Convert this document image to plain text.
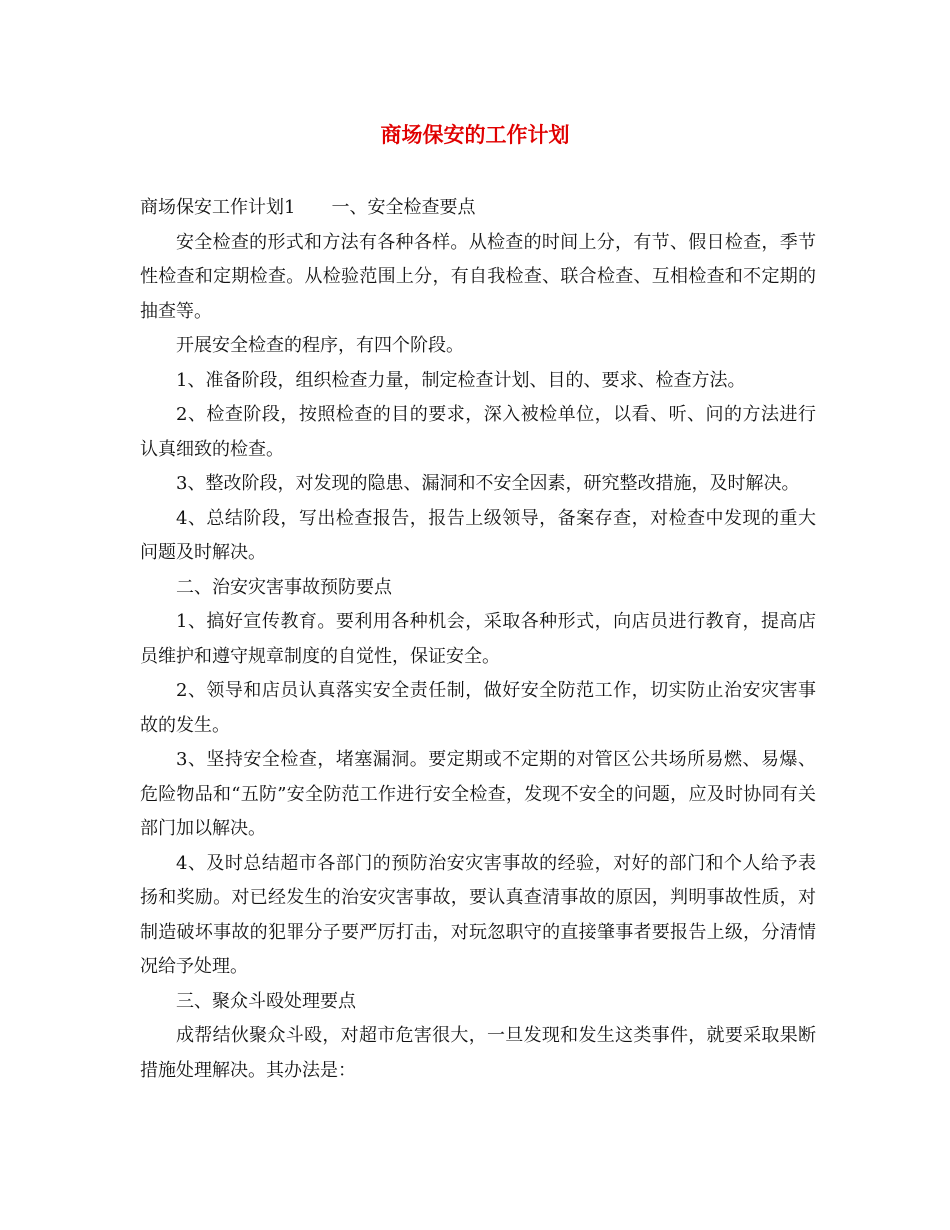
商场保安的工作计划

商场保安工作计划1 一、安全检查要点

安全检查的形式和方法有各种各样。从检查的时间上分，有节、假日检查，季节性检查和定期检查。从检验范围上分，有自我检查、联合检查、互相检查和不定期的抽查等。

开展安全检查的程序，有四个阶段。

1、准备阶段，组织检查力量，制定检查计划、目的、要求、检查方法。

2、检查阶段，按照检查的目的要求，深入被检单位，以看、听、问的方法进行认真细致的检查。

3、整改阶段，对发现的隐患、漏洞和不安全因素，研究整改措施，及时解决。

4、总结阶段，写出检查报告，报告上级领导，备案存查，对检查中发现的重大问题及时解决。

二、治安灾害事故预防要点

1、搞好宣传教育。要利用各种机会，采取各种形式，向店员进行教育，提高店员维护和遵守规章制度的自觉性，保证安全。

2、领导和店员认真落实安全责任制，做好安全防范工作，切实防止治安灾害事故的发生。

3、坚持安全检查，堵塞漏洞。要定期或不定期的对管区公共场所易燃、易爆、危险物品和“五防”安全防范工作进行安全检查，发现不安全的问题，应及时协同有关部门加以解决。

4、及时总结超市各部门的预防治安灾害事故的经验，对好的部门和个人给予表扬和奖励。对已经发生的治安灾害事故，要认真查清事故的原因，判明事故性质，对制造破坏事故的犯罪分子要严厉打击，对玩忽职守的直接肇事者要报告上级，分清情况给予处理。

三、聚众斗殴处理要点

成帮结伙聚众斗殴，对超市危害很大，一旦发现和发生这类事件，就要采取果断措施处理解决。其办法是：
